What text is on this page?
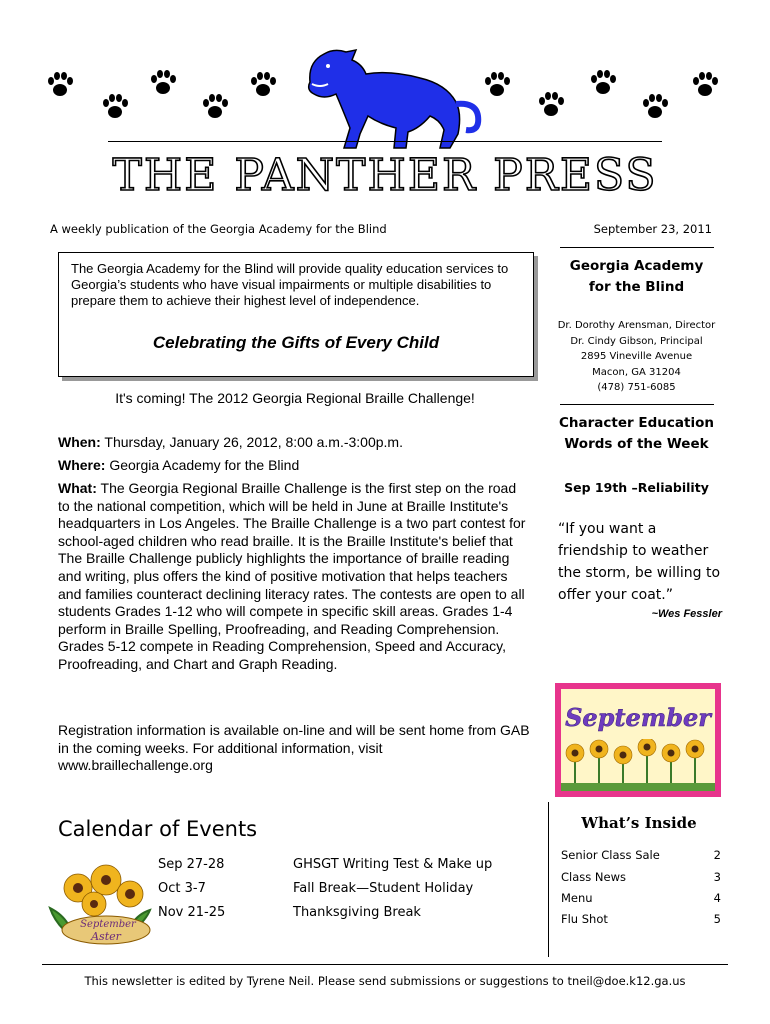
THE PANTHER PRESS
A weekly publication of the Georgia Academy for the Blind	September 23, 2011
The Georgia Academy for the Blind will provide quality education services to Georgia’s students who have visual impairments or multiple disabilities to prepare them to achieve their highest level of independence.
Celebrating the Gifts of Every Child
It's coming! The 2012 Georgia Regional Braille Challenge!
When: Thursday, January 26, 2012, 8:00 a.m.-3:00p.m.
Where: Georgia Academy for the Blind
What: The Georgia Regional Braille Challenge is the first step on the road to the national competition, which will be held in June at Braille Institute's headquarters in Los Angeles. The Braille Challenge is a two part contest for school-aged children who read braille. It is the Braille Institute's belief that The Braille Challenge publicly highlights the importance of braille reading and writing, plus offers the kind of positive motivation that helps teachers and families counteract declining literacy rates. The contests are open to all students Grades 1-12 who will compete in specific skill areas. Grades 1-4 perform in Braille Spelling, Proofreading, and Reading Comprehension. Grades 5-12 compete in Reading Comprehension, Speed and Accuracy, Proofreading, and Chart and Graph Reading.
Registration information is available on-line and will be sent home from GAB in the coming weeks. For additional information, visit www.braillechallenge.org
Georgia Academy
for the Blind
Dr. Dorothy Arensman, Director
Dr. Cindy Gibson, Principal
2895 Vineville Avenue
Macon, GA 31204
(478) 751-6085
Character Education
Words of the Week
Sep 19th –Reliability
“If you want a friendship to weather the storm, be willing to offer your coat.”
~Wes Fessler
September
What’s Inside
Senior Class Sale	2
Class News	3
Menu	4
Flu Shot	5
Calendar of Events
September
Aster
Sep 27-28	GHSGT Writing Test & Make up
Oct 3-7	Fall Break—Student Holiday
Nov 21-25	Thanksgiving Break
This newsletter is edited by Tyrene Neil. Please send submissions or suggestions to tneil@doe.k12.ga.us
